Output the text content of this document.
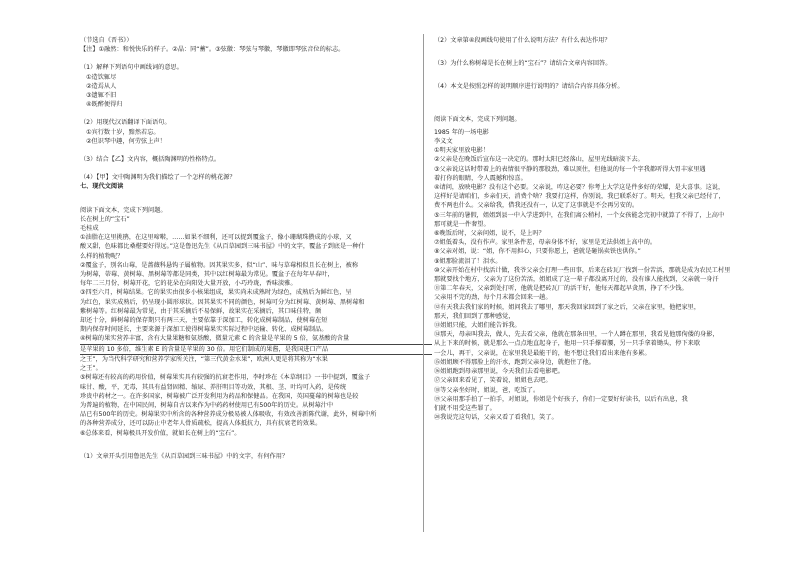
（节选自《晋书》）
【注】①融然：和悦快乐的样子。②晶：同“蓄”。③弦徽：琴弦与琴徽，琴徽即琴弦音位的标志。
（1）解释下列语句中画线词的意思。
①造饮辄尽
②造焉从人
③遗辄不旧
④既醉便得归
（2）用现代汉语翻译下面语句。
①宾行数十岁，黯然若忘。
②但识琴中趣，何劳弦上声！
（3）结合【乙】文内容，概括陶渊明的性格特点。
（4）【甲】文中陶渊明为我们描绘了一个怎样的桃花源？
七、现代文阅读
阅读下面文本，完成下列问题。
长在树上的“宝石”
毛桂成
①油脂在这里挑鹃，在这里啼啭，……如果不细利，还可以捉到覆盆子，像小珊瑚珠攒成的小球，又
酸又甜，色味都比桑椹要好得远。”这是鲁迅先生《从百草园到三味书屋》中的文字，覆盆子到底是一种什
么样的植物呢？
②覆盆子，别名山莓，是蔷薇科悬钩子属植物。因其果实多，似“山”、味与草莓相似且长在树上，被称
为树莓，蒂莓、黄树莓、黑树莓等都是同类，其中以红树莓最为常见。覆盆子在每年早春叶，
每年二三月份，树莓开花，它的花朵在向阳处大量开放，小巧玲珑，香味淡雅。
③四至六月，树莓结果。它的果实由很多小核果组成，果实尚未成熟时为绿色，成熟后为鲜红色，呈
为红色，果实成熟后，仍呈现小圆形球状。因其果实不同的颜色，树莓可分为红树莓、黄树莓、黑树莓和
紫树莓等。红树莓最为常见，由于其采摘后不易保鲜，故果实在采摘后，其口味佳特，颇
却还十分，鲜树莓的保存期只有两三天，主要依靠于深加工，转化成树莓制品，使树莓在短
期内保存时间延长，主要来源于深加工使得树莓果实实际过程中运输、转化、成树莓制品。
④树莓的果实营养丰富，含有大量果糖和氨基酸，微量元素 C 的含量是苹果的 5 倍，氨基酸的含量
是苹果的 10 多倍，维生素 E 的含量是苹果的 30 倍。用它们制成的果酱，是我国进口产品
之王”，为当代科学研究和营养学家所关注，“第三代黄金水果”，欧洲人更是将其称为“水果
之王”。
⑤树莓还有较高的药用价值，树莓果实具有较强的抗衰老作用，李时珍在《本草纲目》一书中提到，覆盆子
味甘、酸，平，无毒，其具有益肾固精、缩尿、养肝明目等功效，其根、茎、叶均可入药，是传统
珍贵中药材之一。在许多国家，树莓被广泛开发利用为药品和保健品。在我国，英国蔓莓的树莓也是较
为普遍的植物，在中国民间，树莓自古以来作为中药药材使用已有500年的历史。从树莓汁中
品已有500年的历史。树莓果实中所含的各种营养成分极易被人体吸收，有效改善新陈代谢，此外，树莓中所
的各种营养成分，还可以防止中老年人骨质疏松，提高人体抵抗力，具有抗衰老的效果。
⑥总体来看，树莓极具开发价值，就如长在树上的“宝石”。
（1）文章开头引用鲁迅先生《从百草园到三味书屋》中的文字，有何作用？
（2）文章第④段画线句使用了什么说明方法？有什么表达作用？
（3）为什么称树莓是长在树上的“宝石”？请结合文章内容回答。
（4）本文是按照怎样的说明顺序进行说明的？请结合内容具体分析。
阅读下面文本，完成下列问题。
1985 年的一场电影
李义文
①明天家里放电影！
②父亲是在晚饭后宣布这一决定的。那时太阳已经落山，屋里光线暗淡下去。
③父亲说这话时带着上的表情很平静的那股劲，难以顶住，但他说的每一个字我都听得大胃丰家里遇
着打你的眼睛，令人震撼和惊喜。
④请问，放映电影？没有这个必要。父亲说，咋这必要？你考上大学这是件多好的荣耀，是大喜事。这说，
这样好是请咱们，乡亲们天，消费个啥？我要打这样，你别说，我已联系好了。明天，但我父亲已经付了，
费不两也什么。父亲给我，借我还没有一，认定了这事就是不会再另安的。
⑤三年前的暑假，姐姐到县一中入学进到中，在我们离公稍村，一个女孩能念完初中就算了不得了，上高中
那可就是一件奢望。
⑥晚饭后时，父亲问姐，说不，是上吗？
⑦姐低着头，没有作声。家里条件差，母亲身体不好，家里是无法供姐上高中的。
⑧父亲对姐，说：“姐，你不用担心，只要你愿上，爸就是砸锅卖铁也供你。”
⑨姐那脸流泪了！泪水。
⑩父亲开始在村中找活计做，我爷父亲会打理一些田事，后来在砖瓦厂找到一份苦活，那就是成为农民工村里
那就要找个地方，父亲为了这份苦活，姐姐成了这一辈子都没离开过的，没有谁人能找到，父亲就一身汗
⑪第二年春天，父亲到处打听，他就是把砖瓦厂的活干好，他每天都起早贪黑，挣了不少钱。
父亲用不完的劲，每个月末都会回来一趟。
⑫有天我去我们家的时候，姐问我去了哪里，那天我回家回到了家之后，父亲在家里，他把家里，
那天，我们回到了那种感觉，
⑬姐姐只能，大姐们能告诉我。
⑭那天，母亲叫我去，做人，先去看父亲，他就在那条田里，一个人蹲在那里，我看见他那佝偻的身影，
从上下来的时候，就是那么一点点地直起身子，他用一只手撑着腰，另一只手拿着锄头，停下来歇
一会儿，再干，父亲说，在家里我是最能干的，他不想让我们看出来他有多累。
⑮姐姐顾不得那脸上的汗水，跑到父亲身边，就抱住了他。
⑯姐姐跑到母亲那里说，今天我们去看电影吧。
⑰父亲回来看见了，笑着说，姐姐也去吧。
⑱等父亲坐好时，姐说，爸，吃饭了。
⑲父亲用那手拍了一拍手，对姐说，你姐是个好孩子，你们一定要好好读书，以后有出息，我
们就不用受这些罪了。
⑳我说完这句话，父亲又看了看我们，笑了。
